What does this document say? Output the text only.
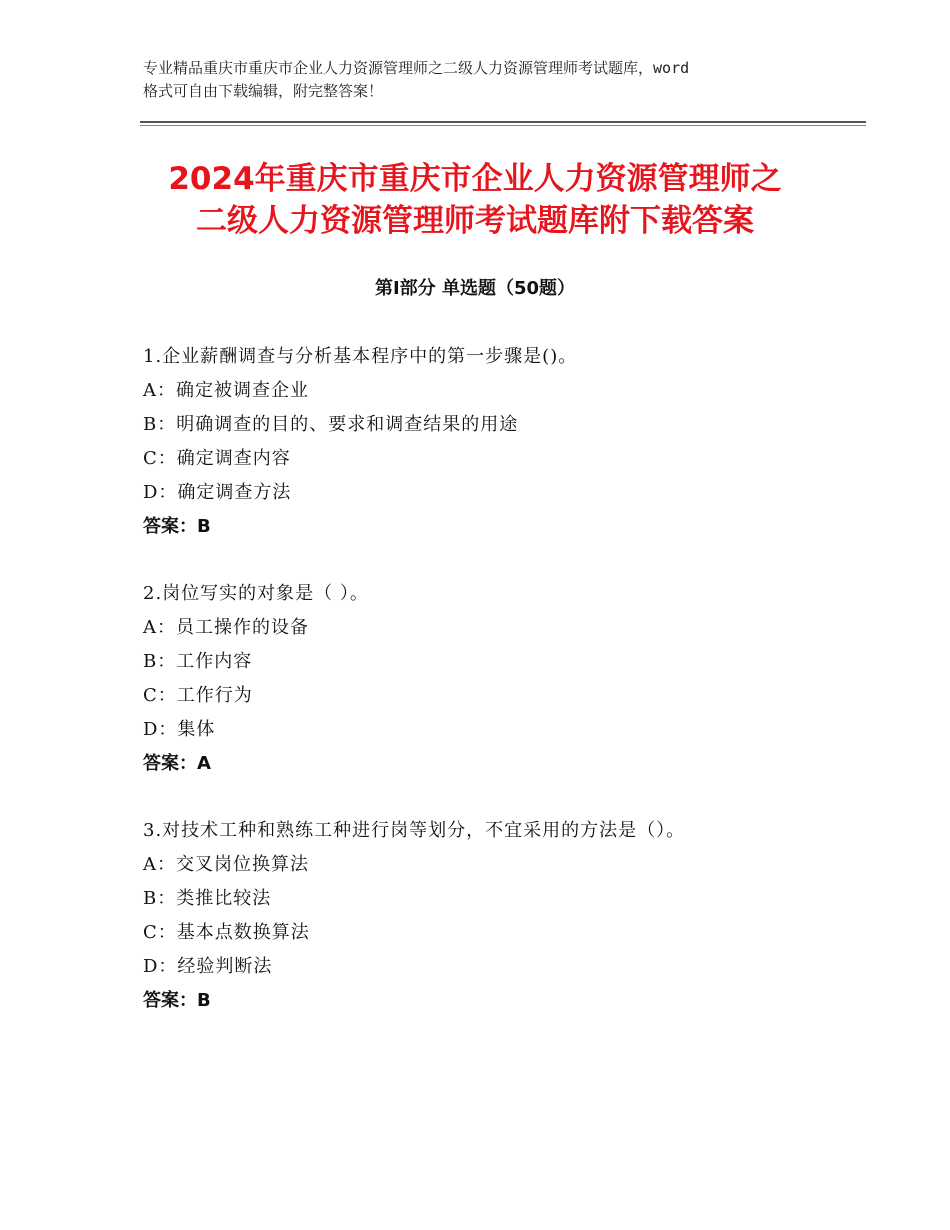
专业精品重庆市重庆市企业人力资源管理师之二级人力资源管理师考试题库，word
格式可自由下载编辑，附完整答案！
2024年重庆市重庆市企业人力资源管理师之
二级人力资源管理师考试题库附下载答案
第Ⅰ部分 单选题（50题）
1.企业薪酬调查与分析基本程序中的第一步骤是()。
A：确定被调查企业
B：明确调查的目的、要求和调查结果的用途
C：确定调查内容
D：确定调查方法
答案：B
2.岗位写实的对象是（ ）。
A：员工操作的设备
B：工作内容
C：工作行为
D：集体
答案：A
3.对技术工种和熟练工种进行岗等划分，不宜采用的方法是（）。
A：交叉岗位换算法
B：类推比较法
C：基本点数换算法
D：经验判断法
答案：B
